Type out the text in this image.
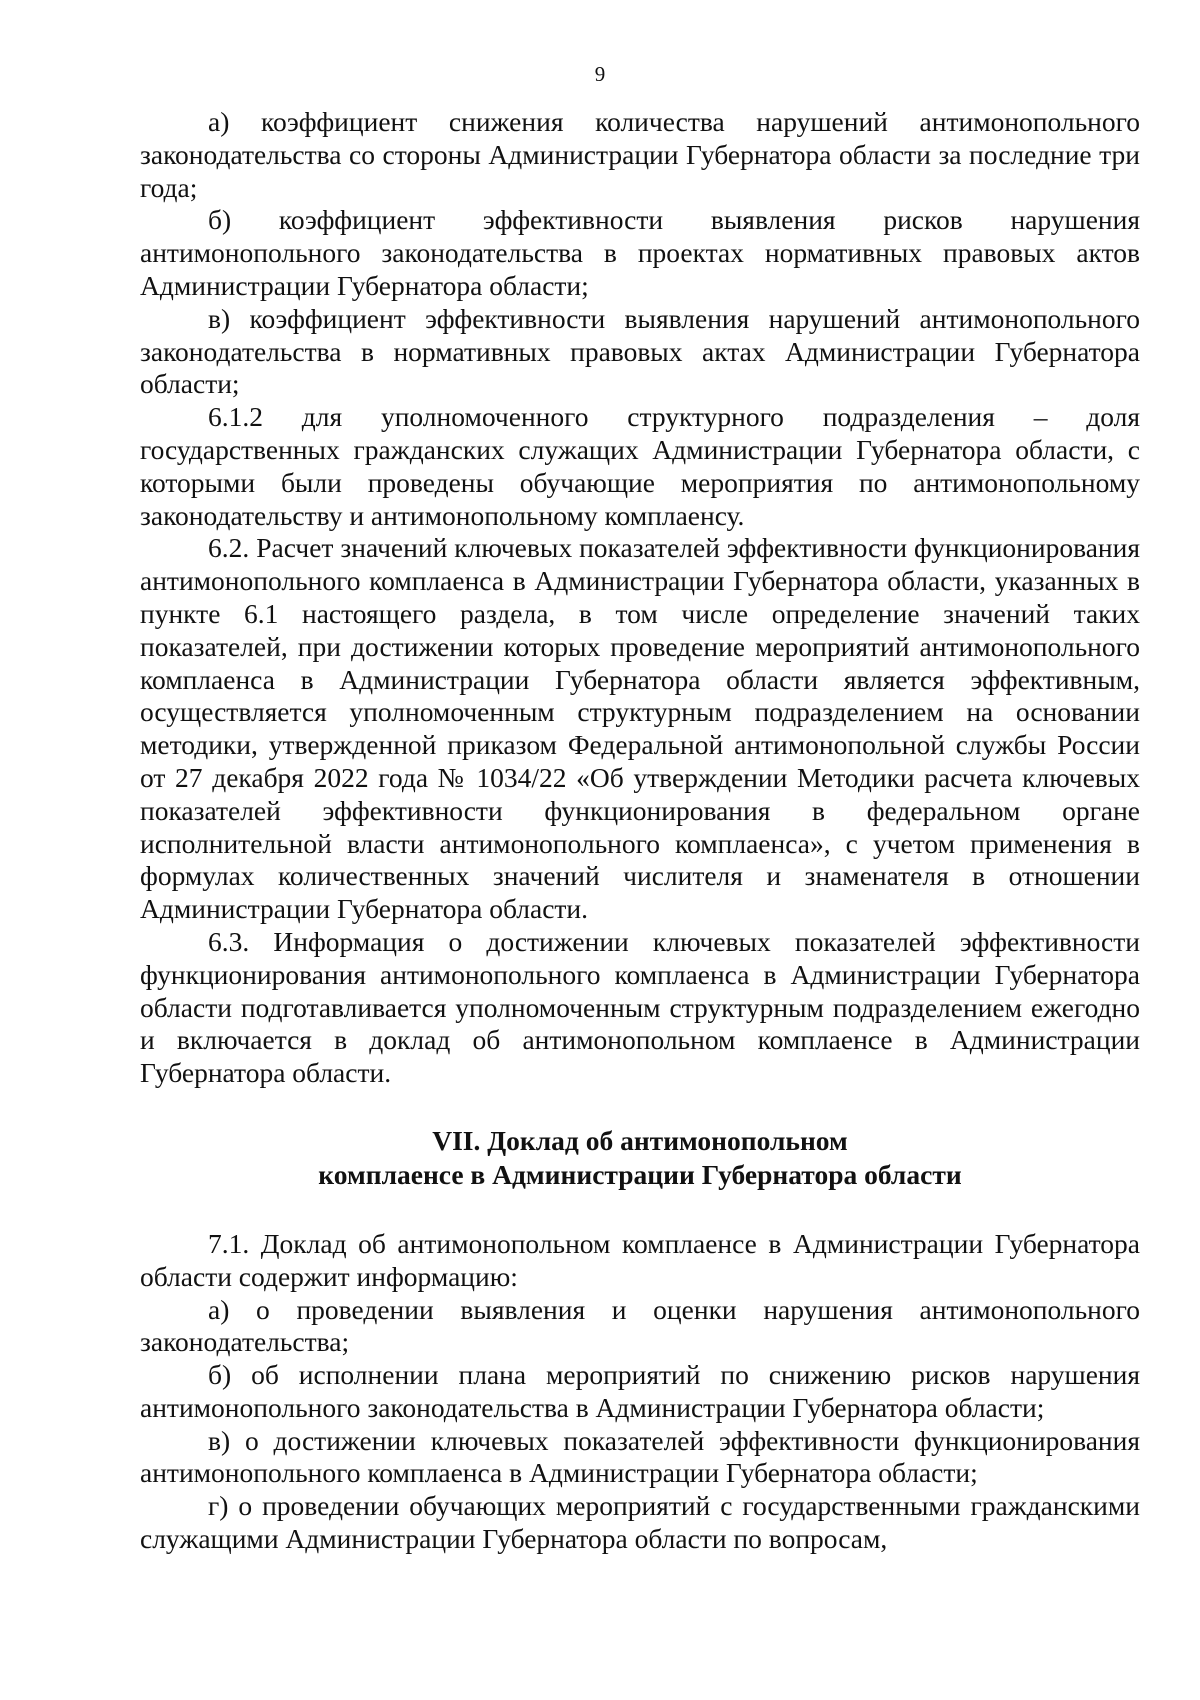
9

а) коэффициент снижения количества нарушений антимонопольного законодательства со стороны Администрации Губернатора области за последние три года;

б) коэффициент эффективности выявления рисков нарушения антимонопольного законодательства в проектах нормативных правовых актов Администрации Губернатора области;

в) коэффициент эффективности выявления нарушений антимонопольного законодательства в нормативных правовых актах Администрации Губернатора области;

6.1.2 для уполномоченного структурного подразделения – доля государственных гражданских служащих Администрации Губернатора области, с которыми были проведены обучающие мероприятия по антимонопольному законодательству и антимонопольному комплаенсу.

6.2. Расчет значений ключевых показателей эффективности функционирования антимонопольного комплаенса в Администрации Губернатора области, указанных в пункте 6.1 настоящего раздела, в том числе определение значений таких показателей, при достижении которых проведение мероприятий антимонопольного комплаенса в Администрации Губернатора области является эффективным, осуществляется уполномоченным структурным подразделением на основании методики, утвержденной приказом Федеральной антимонопольной службы России от 27 декабря 2022 года № 1034/22 «Об утверждении Методики расчета ключевых показателей эффективности функционирования в федеральном органе исполнительной власти антимонопольного комплаенса», с учетом применения в формулах количественных значений числителя и знаменателя в отношении Администрации Губернатора области.

6.3. Информация о достижении ключевых показателей эффективности функционирования антимонопольного комплаенса в Администрации Губернатора области подготавливается уполномоченным структурным подразделением ежегодно и включается в доклад об антимонопольном комплаенсе в Администрации Губернатора области.

VII. Доклад об антимонопольном
комплаенсе в Администрации Губернатора области

7.1. Доклад об антимонопольном комплаенсе в Администрации Губернатора области содержит информацию:

а) о проведении выявления и оценки нарушения антимонопольного законодательства;

б) об исполнении плана мероприятий по снижению рисков нарушения антимонопольного законодательства в Администрации Губернатора области;

в) о достижении ключевых показателей эффективности функционирования антимонопольного комплаенса в Администрации Губернатора области;

г) о проведении обучающих мероприятий с государственными гражданскими служащими Администрации Губернатора области по вопросам,
